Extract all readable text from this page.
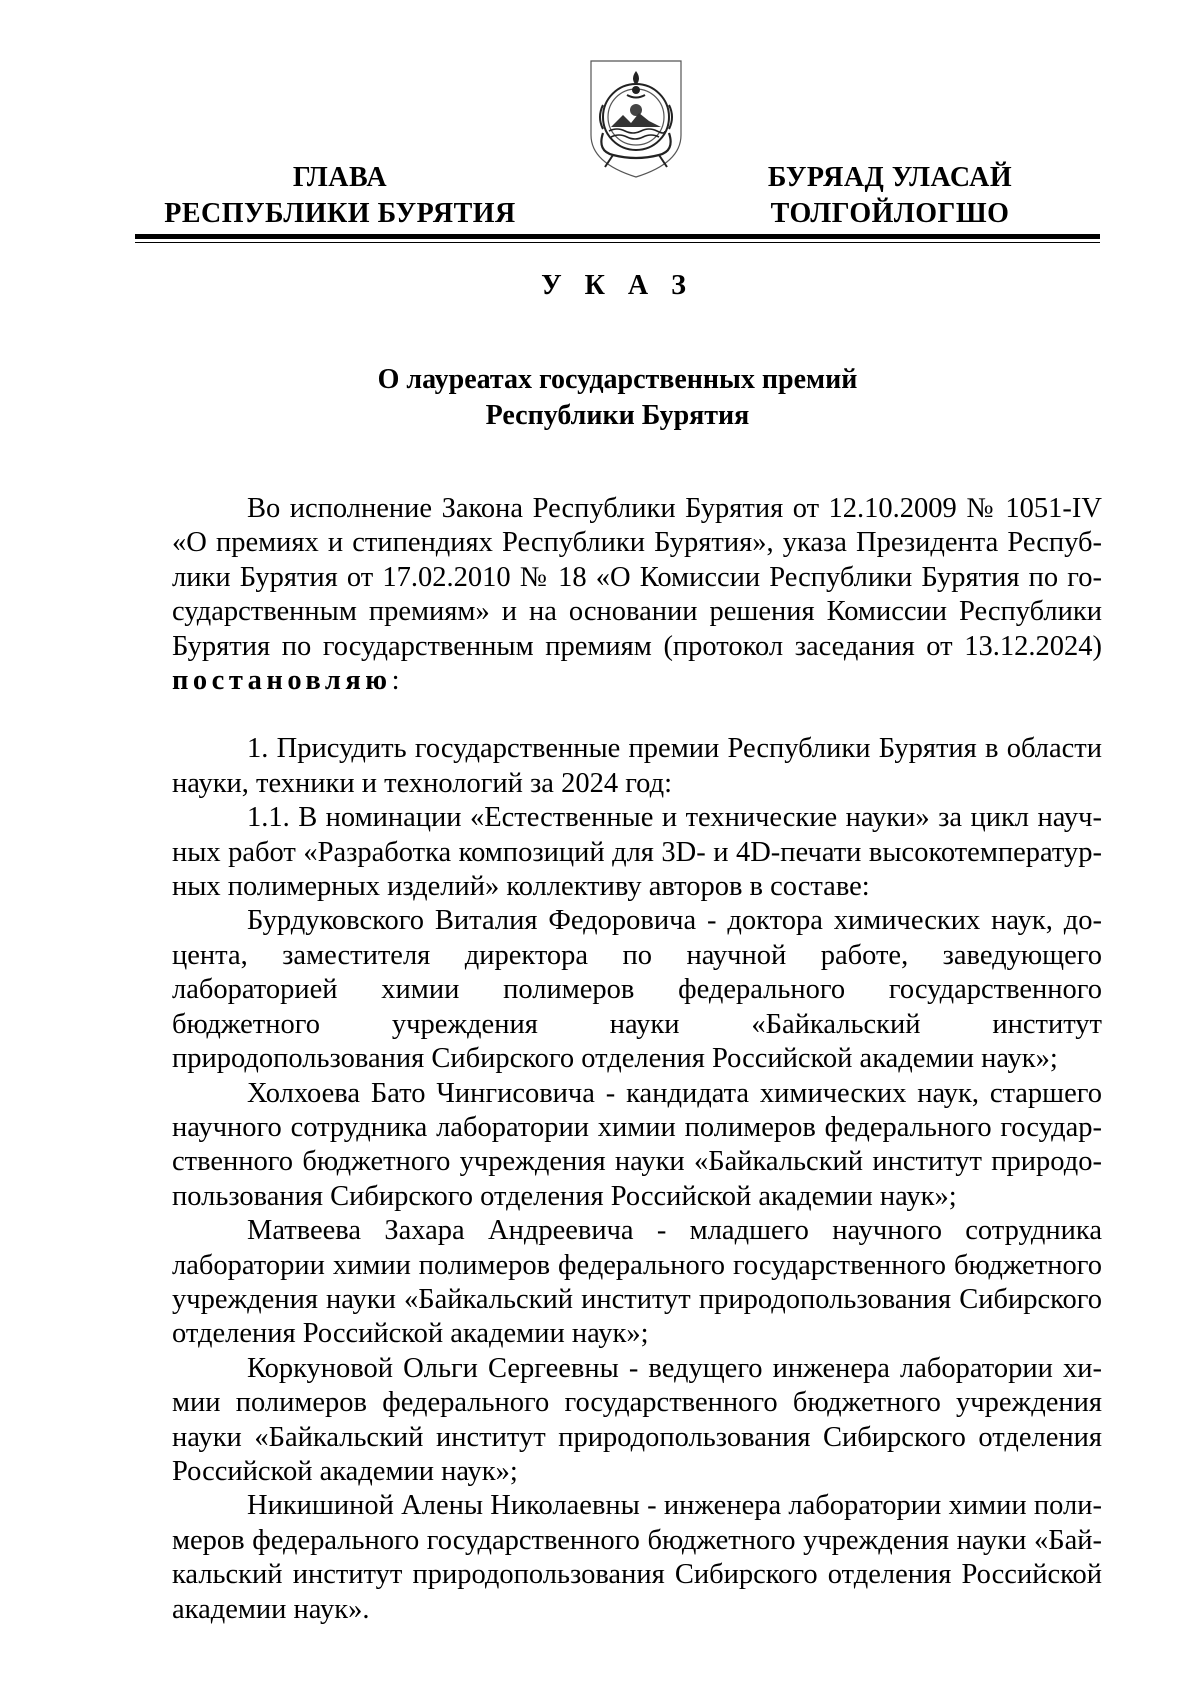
ГЛАВА
РЕСПУБЛИКИ БУРЯТИЯ
БУРЯАД УЛАСАЙ
ТОЛГОЙЛОГШО
У К А З
О лауреатах государственных премий
Республики Бурятия

Во исполнение Закона Республики Бурятия от 12.10.2009 № 1051-IV «О премиях и стипендиях Республики Бурятия», указа Президента Республики Бурятия от 17.02.2010 № 18 «О Комиссии Республики Бурятия по государственным премиям» и на основании решения Комиссии Республики Бурятия по государственным премиям (протокол заседания от 13.12.2024) постановляю:

1. Присудить государственные премии Республики Бурятия в области науки, техники и технологий за 2024 год:

1.1. В номинации «Естественные и технические науки» за цикл научных работ «Разработка композиций для 3D- и 4D-печати высокотемпературных полимерных изделий» коллективу авторов в составе:

Бурдуковского Виталия Федоровича - доктора химических наук, доцента, заместителя директора по научной работе, заведующего лабораторией химии полимеров федерального государственного бюджетного учреждения науки «Байкальский институт природопользования Сибирского отделения Российской академии наук»;

Холхоева Бато Чингисовича - кандидата химических наук, старшего научного сотрудника лаборатории химии полимеров федерального государственного бюджетного учреждения науки «Байкальский институт природопользования Сибирского отделения Российской академии наук»;

Матвеева Захара Андреевича - младшего научного сотрудника лаборатории химии полимеров федерального государственного бюджетного учреждения науки «Байкальский институт природопользования Сибирского отделения Российской академии наук»;

Коркуновой Ольги Сергеевны - ведущего инженера лаборатории химии полимеров федерального государственного бюджетного учреждения науки «Байкальский институт природопользования Сибирского отделения Российской академии наук»;

Никишиной Алены Николаевны - инженера лаборатории химии полимеров федерального государственного бюджетного учреждения науки «Байкальский институт природопользования Сибирского отделения Российской академии наук».
